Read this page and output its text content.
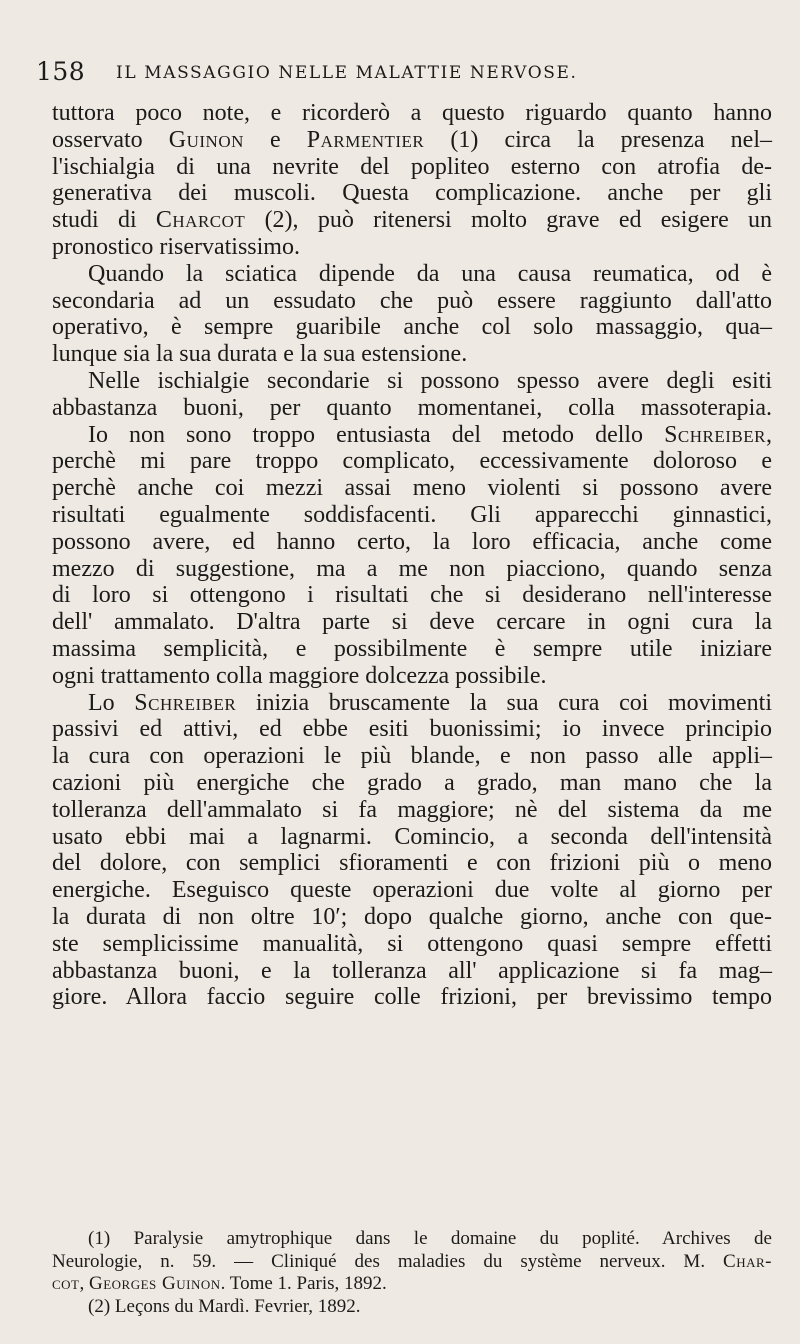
158 IL MASSAGGIO NELLE MALATTIE NERVOSE.
tuttora poco note, e ricorderò a questo riguardo quanto hanno
osservato Guinon e Parmentier (1) circa la presenza nel–
l'ischialgia di una nevrite del popliteo esterno con atrofia de-
generativa dei muscoli. Questa complicazione. anche per gli
studi di Charcot (2), può ritenersi molto grave ed esigere un
pronostico riservatissimo.
Quando la sciatica dipende da una causa reumatica, od è
secondaria ad un essudato che può essere raggiunto dall'atto
operativo, è sempre guaribile anche col solo massaggio, qua–
lunque sia la sua durata e la sua estensione.
Nelle ischialgie secondarie si possono spesso avere degli esiti
abbastanza buoni, per quanto momentanei, colla massoterapia.
Io non sono troppo entusiasta del metodo dello Schreiber,
perchè mi pare troppo complicato, eccessivamente doloroso e
perchè anche coi mezzi assai meno violenti si possono avere
risultati egualmente soddisfacenti. Gli apparecchi ginnastici,
possono avere, ed hanno certo, la loro efficacia, anche come
mezzo di suggestione, ma a me non piacciono, quando senza
di loro si ottengono i risultati che si desiderano nell'interesse
dell' ammalato. D'altra parte si deve cercare in ogni cura la
massima semplicità, e possibilmente è sempre utile iniziare
ogni trattamento colla maggiore dolcezza possibile.
Lo Schreiber inizia bruscamente la sua cura coi movimenti
passivi ed attivi, ed ebbe esiti buonissimi; io invece principio
la cura con operazioni le più blande, e non passo alle appli–
cazioni più energiche che grado a grado, man mano che la
tolleranza dell'ammalato si fa maggiore; nè del sistema da me
usato ebbi mai a lagnarmi. Comincio, a seconda dell'intensità
del dolore, con semplici sfioramenti e con frizioni più o meno
energiche. Eseguisco queste operazioni due volte al giorno per
la durata di non oltre 10′; dopo qualche giorno, anche con que-
ste semplicissime manualità, si ottengono quasi sempre effetti
abbastanza buoni, e la tolleranza all' applicazione si fa mag–
giore. Allora faccio seguire colle frizioni, per brevissimo tempo
(1) Paralysie amytrophique dans le domaine du poplité. Archives de
Neurologie, n. 59. — Cliniqué des maladies du système nerveux. M. Char-
cot, Georges Guinon. Tome 1. Paris, 1892.
(2) Leçons du Mardì. Fevrier, 1892.
